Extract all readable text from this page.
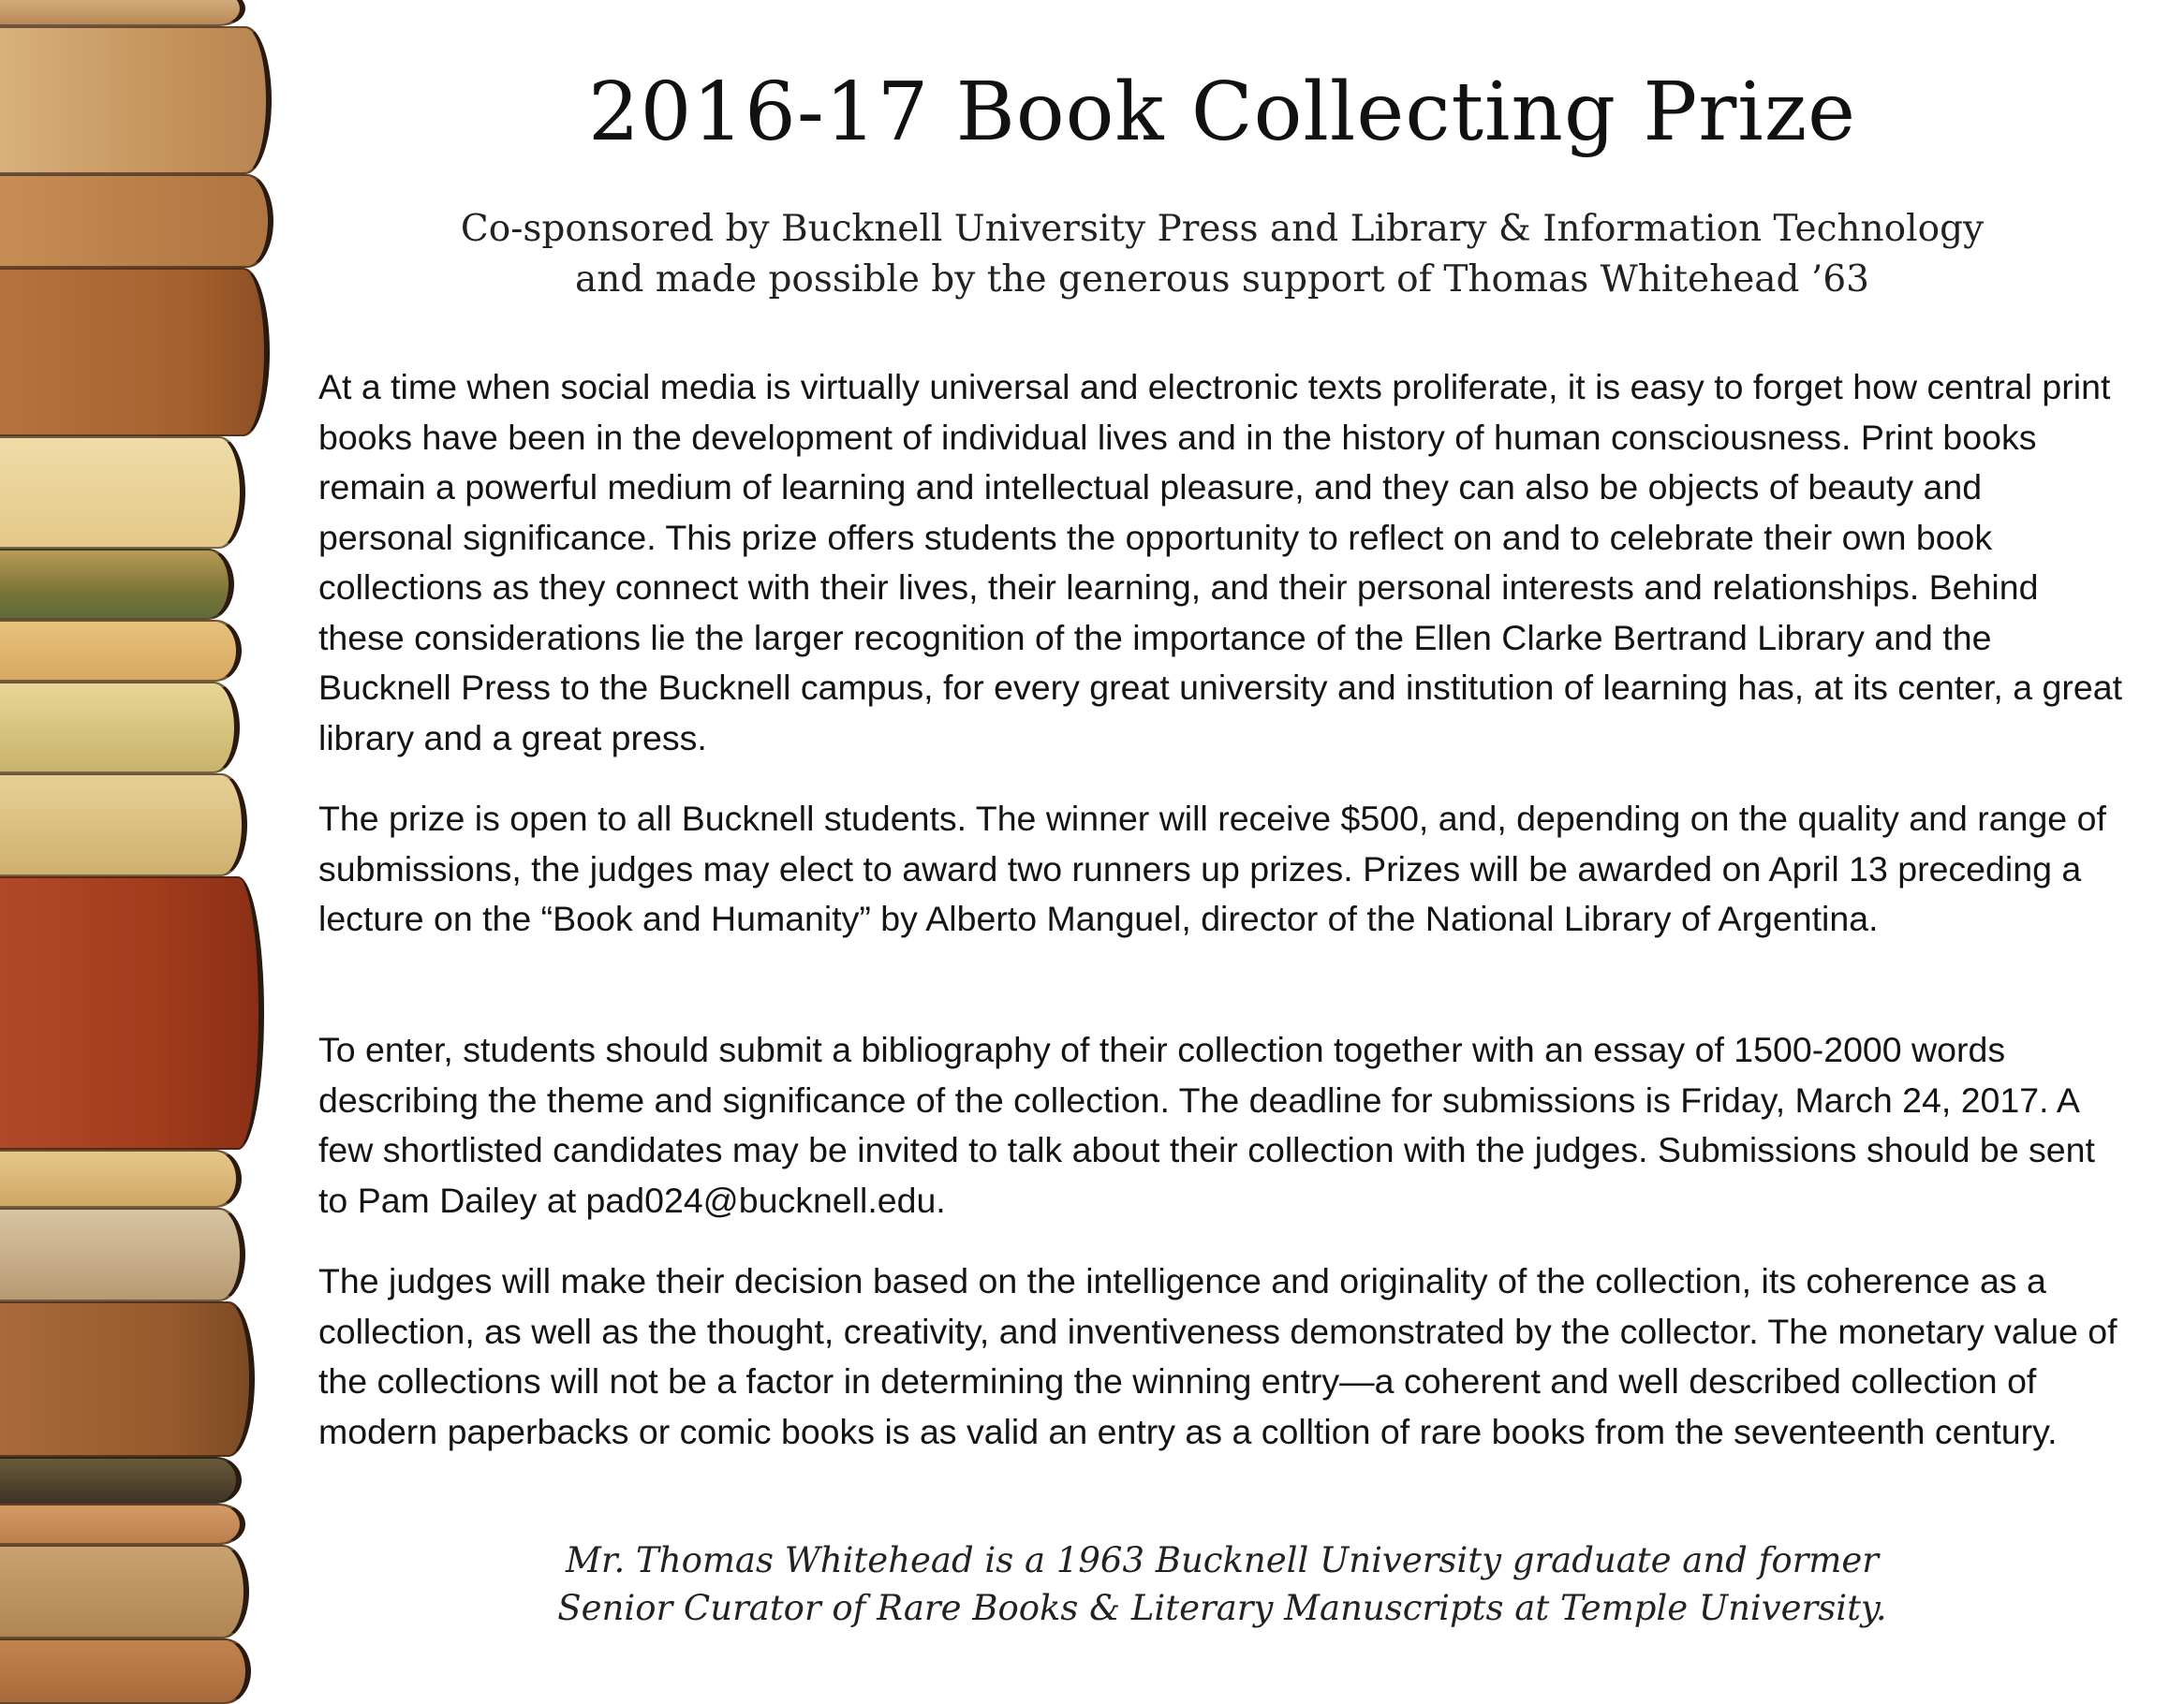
2016-17 Book Collecting Prize

Co-sponsored by Bucknell University Press and Library & Information Technology

and made possible by the generous support of Thomas Whitehead ’63

At a time when social media is virtually universal and electronic texts proliferate, it is easy to forget how central print books have been in the development of individual lives and in the history of human consciousness. Print books remain a powerful medium of learning and intellectual pleasure, and they can also be objects of beauty and personal significance. This prize offers students the opportunity to reflect on and to celebrate their own book collections as they connect with their lives, their learning, and their personal interests and relationships. Behind these considerations lie the larger recognition of the importance of the Ellen Clarke Bertrand Library and the Bucknell Press to the Bucknell campus, for every great university and institution of learning has, at its center, a great library and a great press.

The prize is open to all Bucknell students. The winner will receive $500, and, depending on the quality and range of submissions, the judges may elect to award two runners up prizes. Prizes will be awarded on April 13 preceding a lecture on the “Book and Humanity” by Alberto Manguel, director of the National Library of Argentina.

To enter, students should submit a bibliography of their collection together with an essay of 1500-2000 words describing the theme and significance of the collection. The deadline for submissions is Friday, March 24, 2017. A few shortlisted candidates may be invited to talk about their collection with the judges. Submissions should be sent to Pam Dailey at pad024@bucknell.edu.

The judges will make their decision based on the intelligence and originality of the collection, its coherence as a collection, as well as the thought, creativity, and inventiveness demonstrated by the collector. The monetary value of the collections will not be a factor in determining the winning entry—a coherent and well described collection of modern paperbacks or comic books is as valid an entry as a colltion of rare books from the seventeenth century.

Mr. Thomas Whitehead is a 1963 Bucknell University graduate and former

Senior Curator of Rare Books & Literary Manuscripts at Temple University.
